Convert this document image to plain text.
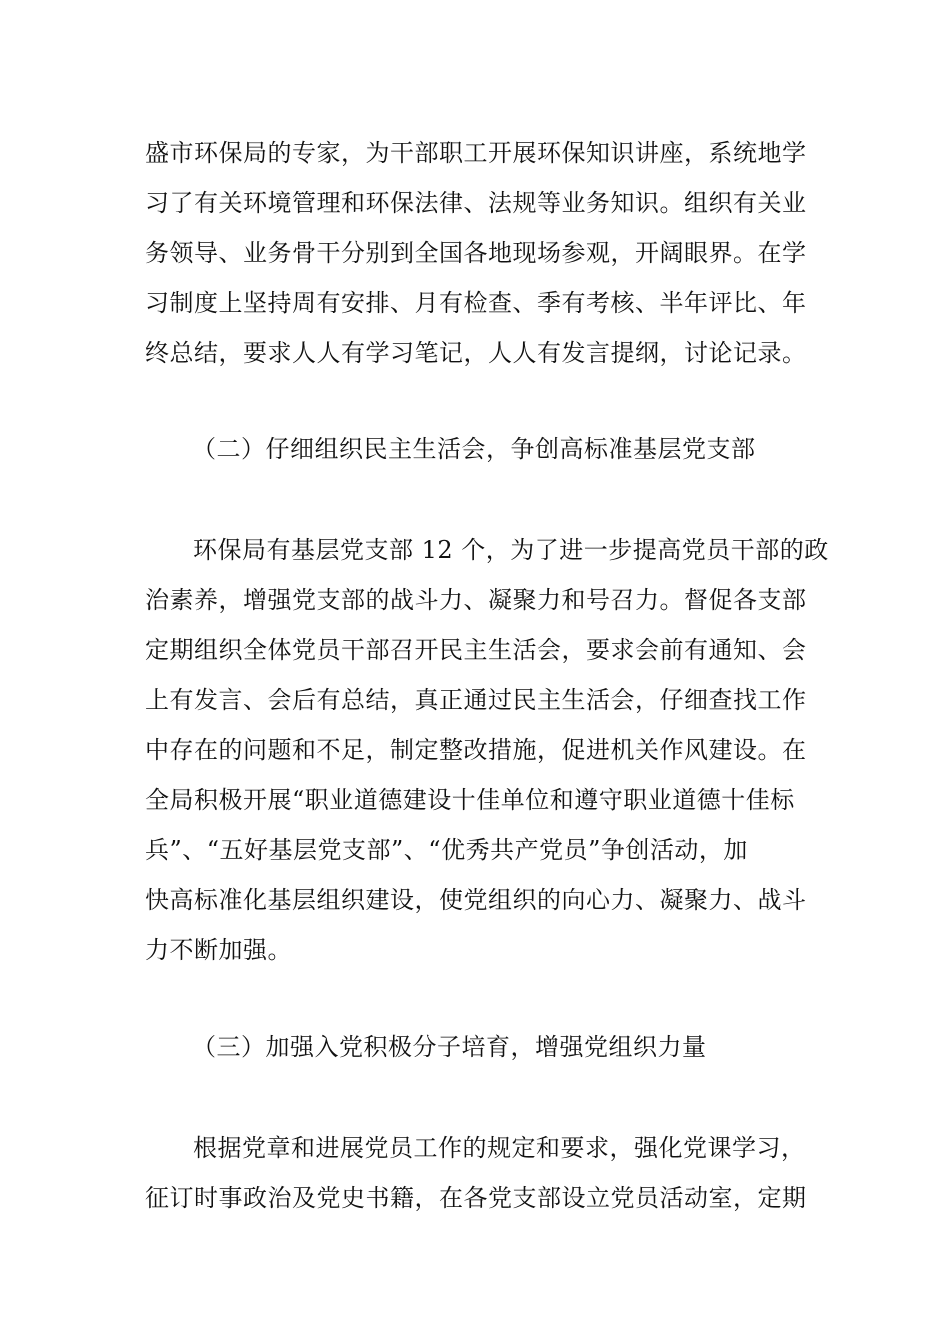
盛市环保局的专家，为干部职工开展环保知识讲座，系统地学
习了有关环境管理和环保法律、法规等业务知识。组织有关业
务领导、业务骨干分别到全国各地现场参观，开阔眼界。在学
习制度上坚持周有安排、月有检查、季有考核、半年评比、年
终总结，要求人人有学习笔记，人人有发言提纲，讨论记录。
（二）仔细组织民主生活会，争创高标准基层党支部
环保局有基层党支部 12 个，为了进一步提高党员干部的政
治素养，增强党支部的战斗力、凝聚力和号召力。督促各支部
定期组织全体党员干部召开民主生活会，要求会前有通知、会
上有发言、会后有总结，真正通过民主生活会，仔细查找工作
中存在的问题和不足，制定整改措施，促进机关作风建设。在
全局积极开展“职业道德建设十佳单位和遵守职业道德十佳标
兵”、“五好基层党支部”、“优秀共产党员”争创活动，加
快高标准化基层组织建设，使党组织的向心力、凝聚力、战斗
力不断加强。
（三）加强入党积极分子培育，增强党组织力量
根据党章和进展党员工作的规定和要求，强化党课学习，
征订时事政治及党史书籍，在各党支部设立党员活动室，定期
